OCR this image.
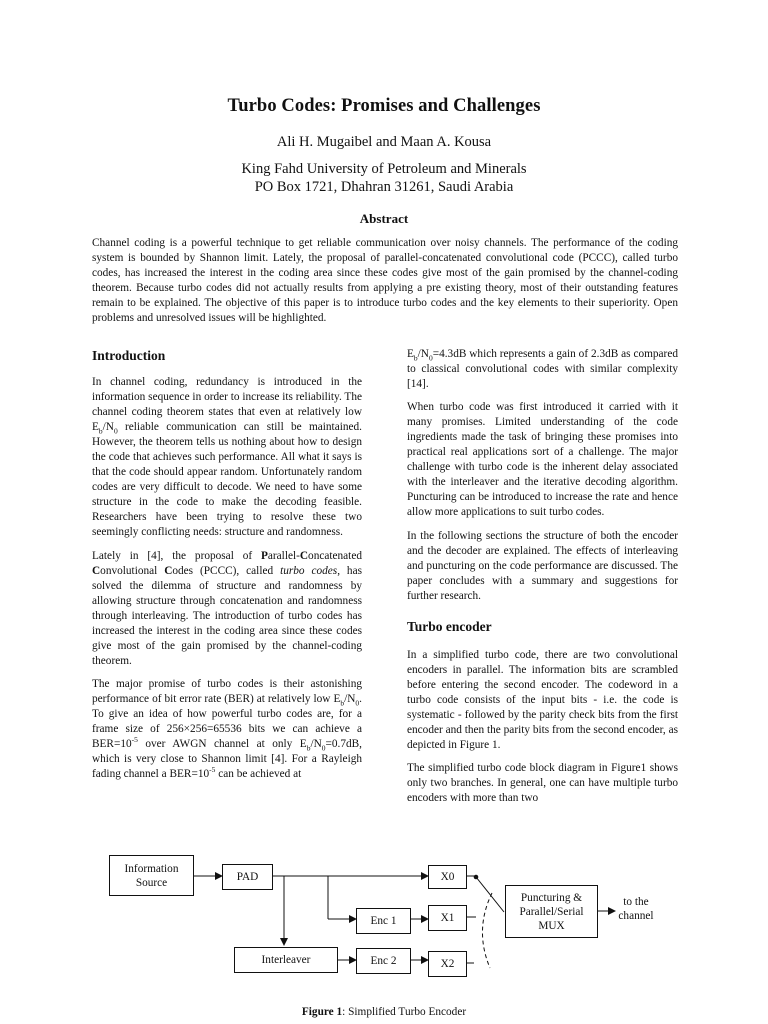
Turbo Codes: Promises and Challenges
Ali H. Mugaibel and Maan A. Kousa
King Fahd University of Petroleum and Minerals
PO Box 1721, Dhahran 31261, Saudi Arabia
Abstract

Channel coding is a powerful technique to get reliable communication over noisy channels. The performance of the coding system is bounded by Shannon limit. Lately, the proposal of parallel-concatenated convolutional code (PCCC), called turbo codes, has increased the interest in the coding area since these codes give most of the gain promised by the channel-coding theorem. Because turbo codes did not actually results from applying a pre existing theory, most of their outstanding features remain to be explained. The objective of this paper is to introduce turbo codes and the key elements to their superiority. Open problems and unresolved issues will be highlighted.

Introduction

In channel coding, redundancy is introduced in the information sequence in order to increase its reliability. The channel coding theorem states that even at relatively low $E_b/N_0$ reliable communication can still be maintained. However, the theorem tells us nothing about how to design the code that achieves such performance. All what it says is that the code should appear random. Unfortunately random codes are very difficult to decode. We need to have some structure in the code to make the decoding feasible. Researchers have been trying to resolve these two seemingly conflicting needs: structure and randomness.

Lately in [4], the proposal of Parallel-Concatenated Convolutional Codes (PCCC), called turbo codes, has solved the dilemma of structure and randomness by allowing structure through concatenation and randomness through interleaving. The introduction of turbo codes has increased the interest in the coding area since these codes give most of the gain promised by the channel-coding theorem.

The major promise of turbo codes is their astonishing performance of bit error rate (BER) at relatively low $E_b/N_0$. To give an idea of how powerful turbo codes are, for a frame size of 256×256=65536 bits we can achieve a $BER=10^{-5}$ over AWGN channel at only $E_b/N_0=0.7dB$, which is very close to Shannon limit [4]. For a Rayleigh fading channel a $BER=10^{-5}$ can be achieved at

$E_b/N_0=4.3dB$ which represents a gain of 2.3dB as compared to classical convolutional codes with similar complexity [14].

When turbo code was first introduced it carried with it many promises. Limited understanding of the code ingredients made the task of bringing these promises into practical real applications sort of a challenge. The major challenge with turbo code is the inherent delay associated with the interleaver and the iterative decoding algorithm. Puncturing can be introduced to increase the rate and hence allow more applications to suit turbo codes.

In the following sections the structure of both the encoder and the decoder are explained. The effects of interleaving and puncturing on the code performance are discussed. The paper concludes with a summary and suggestions for further research.

Turbo encoder

In a simplified turbo code, there are two convolutional encoders in parallel. The information bits are scrambled before entering the second encoder. The codeword in a turbo code consists of the input bits - i.e. the code is systematic - followed by the parity check bits from the first encoder and then the parity bits from the second encoder, as depicted in Figure 1.

The simplified turbo code block diagram in Figure1 shows only two branches. In general, one can have multiple turbo encoders with more than two

Information Source	PAD	X0
Enc 1	X1
Interleaver	Enc 2	X2
Puncturing & Parallel/Serial MUX
to the channel
Figure 1: Simplified Turbo Encoder
